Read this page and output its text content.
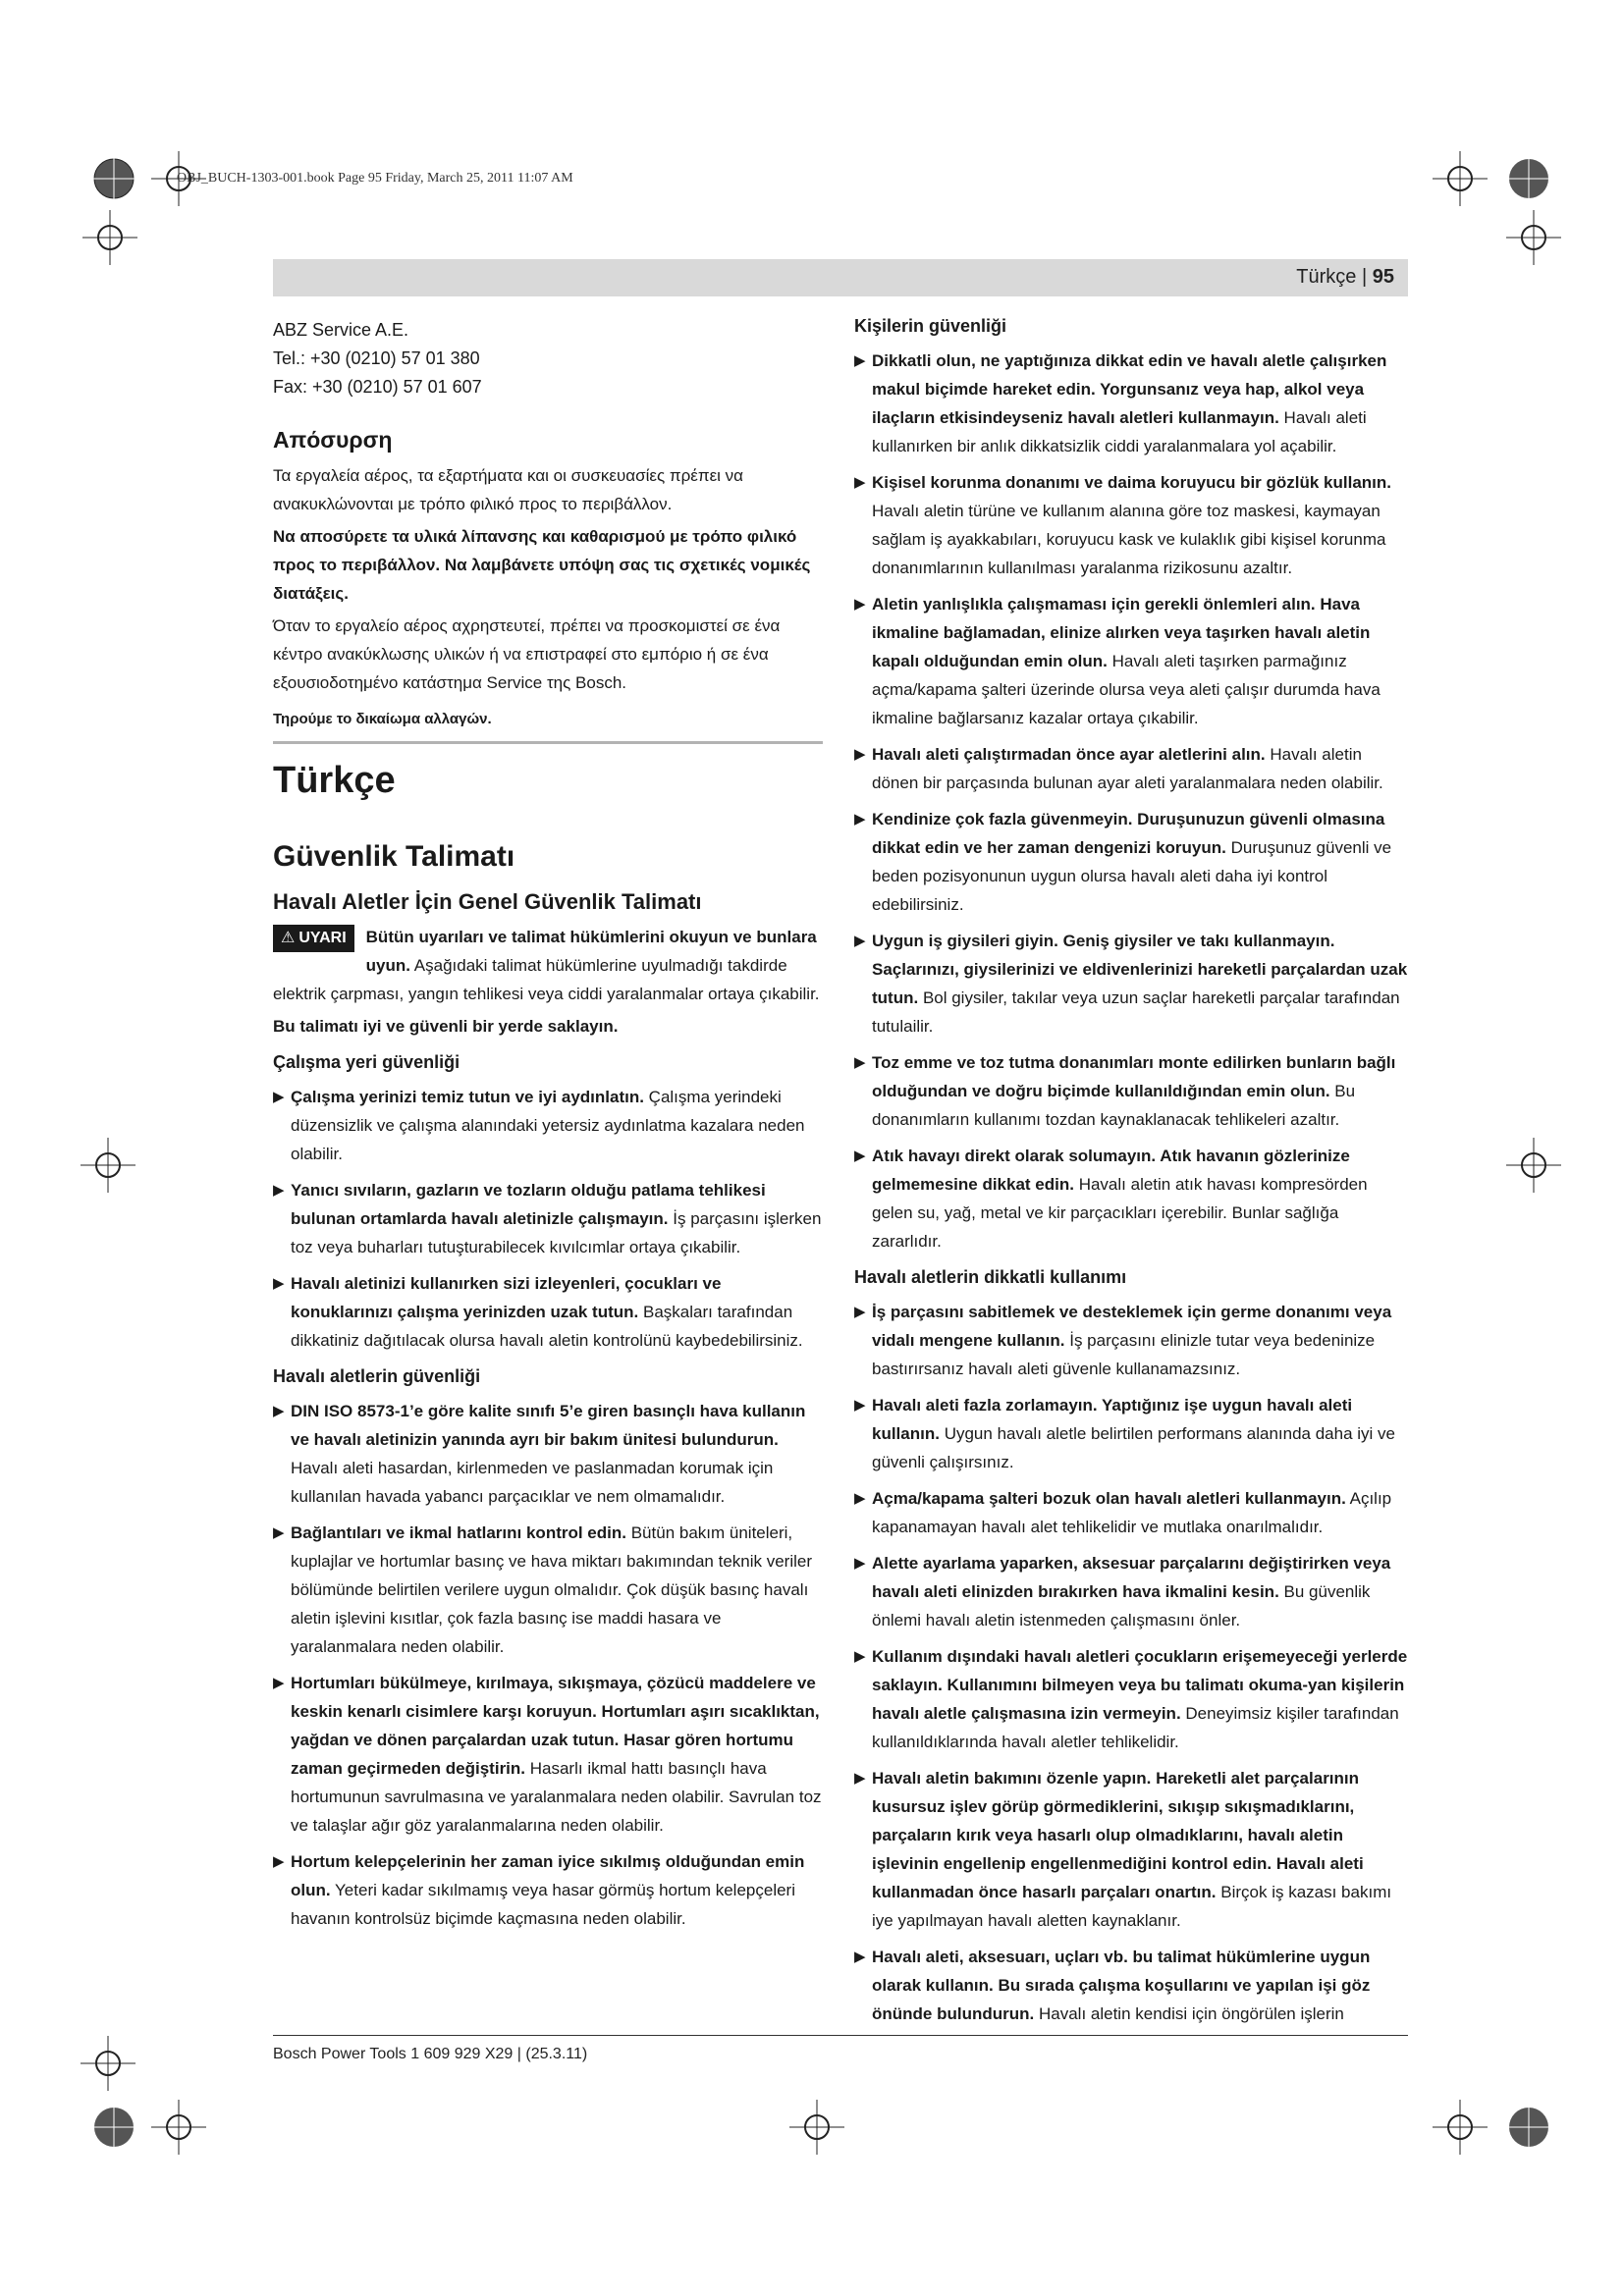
OBJ_BUCH-1303-001.book Page 95 Friday, March 25, 2011 11:07 AM
Türkçe | 95

ABZ Service A.E.

Tel.: +30 (0210) 57 01 380

Fax: +30 (0210) 57 01 607

Απόσυρση

Τα εργαλεία αέρος, τα εξαρτήματα και οι συσκευασίες πρέπει να ανακυκλώνονται με τρόπο φιλικό προς το περιβάλλον.

Να αποσύρετε τα υλικά λίπανσης και καθαρισμού με τρόπο φιλικό προς το περιβάλλον. Να λαμβάνετε υπόψη σας τις σχετικές νομικές διατάξεις.

Όταν το εργαλείο αέρος αχρηστευτεί, πρέπει να προσκομιστεί σε ένα κέντρο ανακύκλωσης υλικών ή να επιστραφεί στο εμπόριο ή σε ένα εξουσιοδοτημένο κατάστημα Service της Bosch.

Τηρούμε το δικαίωμα αλλαγών.

Türkçe
Güvenlik Talimatı
Havalı Aletler İçin Genel Güvenlik Talimatı
⚠ UYARI	Bütün uyarıları ve talimat hükümlerini okuyun ve bunlara uyun. Aşağıdaki talimat hükümlerine uyulmadığı takdirde elektrik çarpması, yangın tehlikesi veya ciddi yaralanmalar ortaya çıkabilir.

Bu talimatı iyi ve güvenli bir yerde saklayın.

Çalışma yeri güvenliği
▶ Çalışma yerinizi temiz tutun ve iyi aydınlatın. Çalışma yerindeki düzensizlik ve çalışma alanındaki yetersiz aydınlatma kazalara neden olabilir.
▶ Yanıcı sıvıların, gazların ve tozların olduğu patlama tehlikesi bulunan ortamlarda havalı aletinizle çalışmayın. İş parçasını işlerken toz veya buharları tutuşturabilecek kıvılcımlar ortaya çıkabilir.
▶ Havalı aletinizi kullanırken sizi izleyenleri, çocukları ve konuklarınızı çalışma yerinizden uzak tutun. Başkaları tarafından dikkatiniz dağıtılacak olursa havalı aletin kontrolünü kaybedebilirsiniz.
Havalı aletlerin güvenliği
▶ DIN ISO 8573-1’e göre kalite sınıfı 5’e giren basınçlı hava kullanın ve havalı aletinizin yanında ayrı bir bakım ünitesi bulundurun. Havalı aleti hasardan, kirlenmeden ve paslanmadan korumak için kullanılan havada yabancı parçacıklar ve nem olmamalıdır.
▶ Bağlantıları ve ikmal hatlarını kontrol edin. Bütün bakım üniteleri, kuplajlar ve hortumlar basınç ve hava miktarı bakımından teknik veriler bölümünde belirtilen verilere uygun olmalıdır. Çok düşük basınç havalı aletin işlevini kısıtlar, çok fazla basınç ise maddi hasara ve yaralanmalara neden olabilir.
▶ Hortumları bükülmeye, kırılmaya, sıkışmaya, çözücü maddelere ve keskin kenarlı cisimlere karşı koruyun. Hortumları aşırı sıcaklıktan, yağdan ve dönen parçalardan uzak tutun. Hasar gören hortumu zaman geçirmeden değiştirin. Hasarlı ikmal hattı basınçlı hava hortumunun savrulmasına ve yaralanmalara neden olabilir. Savrulan toz ve talaşlar ağır göz yaralanmalarına neden olabilir.
▶ Hortum kelepçelerinin her zaman iyice sıkılmış olduğundan emin olun. Yeteri kadar sıkılmamış veya hasar görmüş hortum kelepçeleri havanın kontrolsüz biçimde kaçmasına neden olabilir.
Kişilerin güvenliği
▶ Dikkatli olun, ne yaptığınıza dikkat edin ve havalı aletle çalışırken makul biçimde hareket edin. Yorgunsanız veya hap, alkol veya ilaçların etkisindeyseniz havalı aletleri kullanmayın. Havalı aleti kullanırken bir anlık dikkatsizlik ciddi yaralanmalara yol açabilir.
▶ Kişisel korunma donanımı ve daima koruyucu bir gözlük kullanın. Havalı aletin türüne ve kullanım alanına göre toz maskesi, kaymayan sağlam iş ayakkabıları, koruyucu kask ve kulaklık gibi kişisel korunma donanımlarının kullanılması yaralanma rizikosunu azaltır.
▶ Aletin yanlışlıkla çalışmaması için gerekli önlemleri alın. Hava ikmaline bağlamadan, elinize alırken veya taşırken havalı aletin kapalı olduğundan emin olun. Havalı aleti taşırken parmağınız açma/kapama şalteri üzerinde olursa veya aleti çalışır durumda hava ikmaline bağlarsanız kazalar ortaya çıkabilir.
▶ Havalı aleti çalıştırmadan önce ayar aletlerini alın. Havalı aletin dönen bir parçasında bulunan ayar aleti yaralanmalara neden olabilir.
▶ Kendinize çok fazla güvenmeyin. Duruşunuzun güvenli olmasına dikkat edin ve her zaman dengenizi koruyun. Duruşunuz güvenli ve beden pozisyonunun uygun olursa havalı aleti daha iyi kontrol edebilirsiniz.
▶ Uygun iş giysileri giyin. Geniş giysiler ve takı kullanmayın. Saçlarınızı, giysilerinizi ve eldivenlerinizi hareketli parçalardan uzak tutun. Bol giysiler, takılar veya uzun saçlar hareketli parçalar tarafından tutulailir.
▶ Toz emme ve toz tutma donanımları monte edilirken bunların bağlı olduğundan ve doğru biçimde kullanıldığından emin olun. Bu donanımların kullanımı tozdan kaynaklanacak tehlikeleri azaltır.
▶ Atık havayı direkt olarak solumayın. Atık havanın gözlerinize gelmemesine dikkat edin. Havalı aletin atık havası kompresörden gelen su, yağ, metal ve kir parçacıkları içerebilir. Bunlar sağlığa zararlıdır.
Havalı aletlerin dikkatli kullanımı
▶ İş parçasını sabitlemek ve desteklemek için germe donanımı veya vidalı mengene kullanın. İş parçasını elinizle tutar veya bedeninize bastırırsanız havalı aleti güvenle kullanamazsınız.
▶ Havalı aleti fazla zorlamayın. Yaptığınız işe uygun havalı aleti kullanın. Uygun havalı aletle belirtilen performans alanında daha iyi ve güvenli çalışırsınız.
▶ Açma/kapama şalteri bozuk olan havalı aletleri kullanmayın. Açılıp kapanamayan havalı alet tehlikelidir ve mutlaka onarılmalıdır.
▶ Alette ayarlama yaparken, aksesuar parçalarını değiştirirken veya havalı aleti elinizden bırakırken hava ikmalini kesin. Bu güvenlik önlemi havalı aletin istenmeden çalışmasını önler.
▶ Kullanım dışındaki havalı aletleri çocukların erişemeyeceği yerlerde saklayın. Kullanımını bilmeyen veya bu talimatı okuma-yan kişilerin havalı aletle çalışmasına izin vermeyin. Deneyimsiz kişiler tarafından kullanıldıklarında havalı aletler tehlikelidir.
▶ Havalı aletin bakımını özenle yapın. Hareketli alet parçalarının kusursuz işlev görüp görmediklerini, sıkışıp sıkışmadıklarını, parçaların kırık veya hasarlı olup olmadıklarını, havalı aletin işlevinin engellenip engellenmediğini kontrol edin. Havalı aleti kullanmadan önce hasarlı parçaları onartın. Birçok iş kazası bakımı iye yapılmayan havalı aletten kaynaklanır.
▶ Havalı aleti, aksesuarı, uçları vb. bu talimat hükümlerine uygun olarak kullanın. Bu sırada çalışma koşullarını ve yapılan işi göz önünde bulundurun. Havalı aletin kendisi için öngörülen işlerin
Bosch Power Tools 1 609 929 X29 | (25.3.11)
